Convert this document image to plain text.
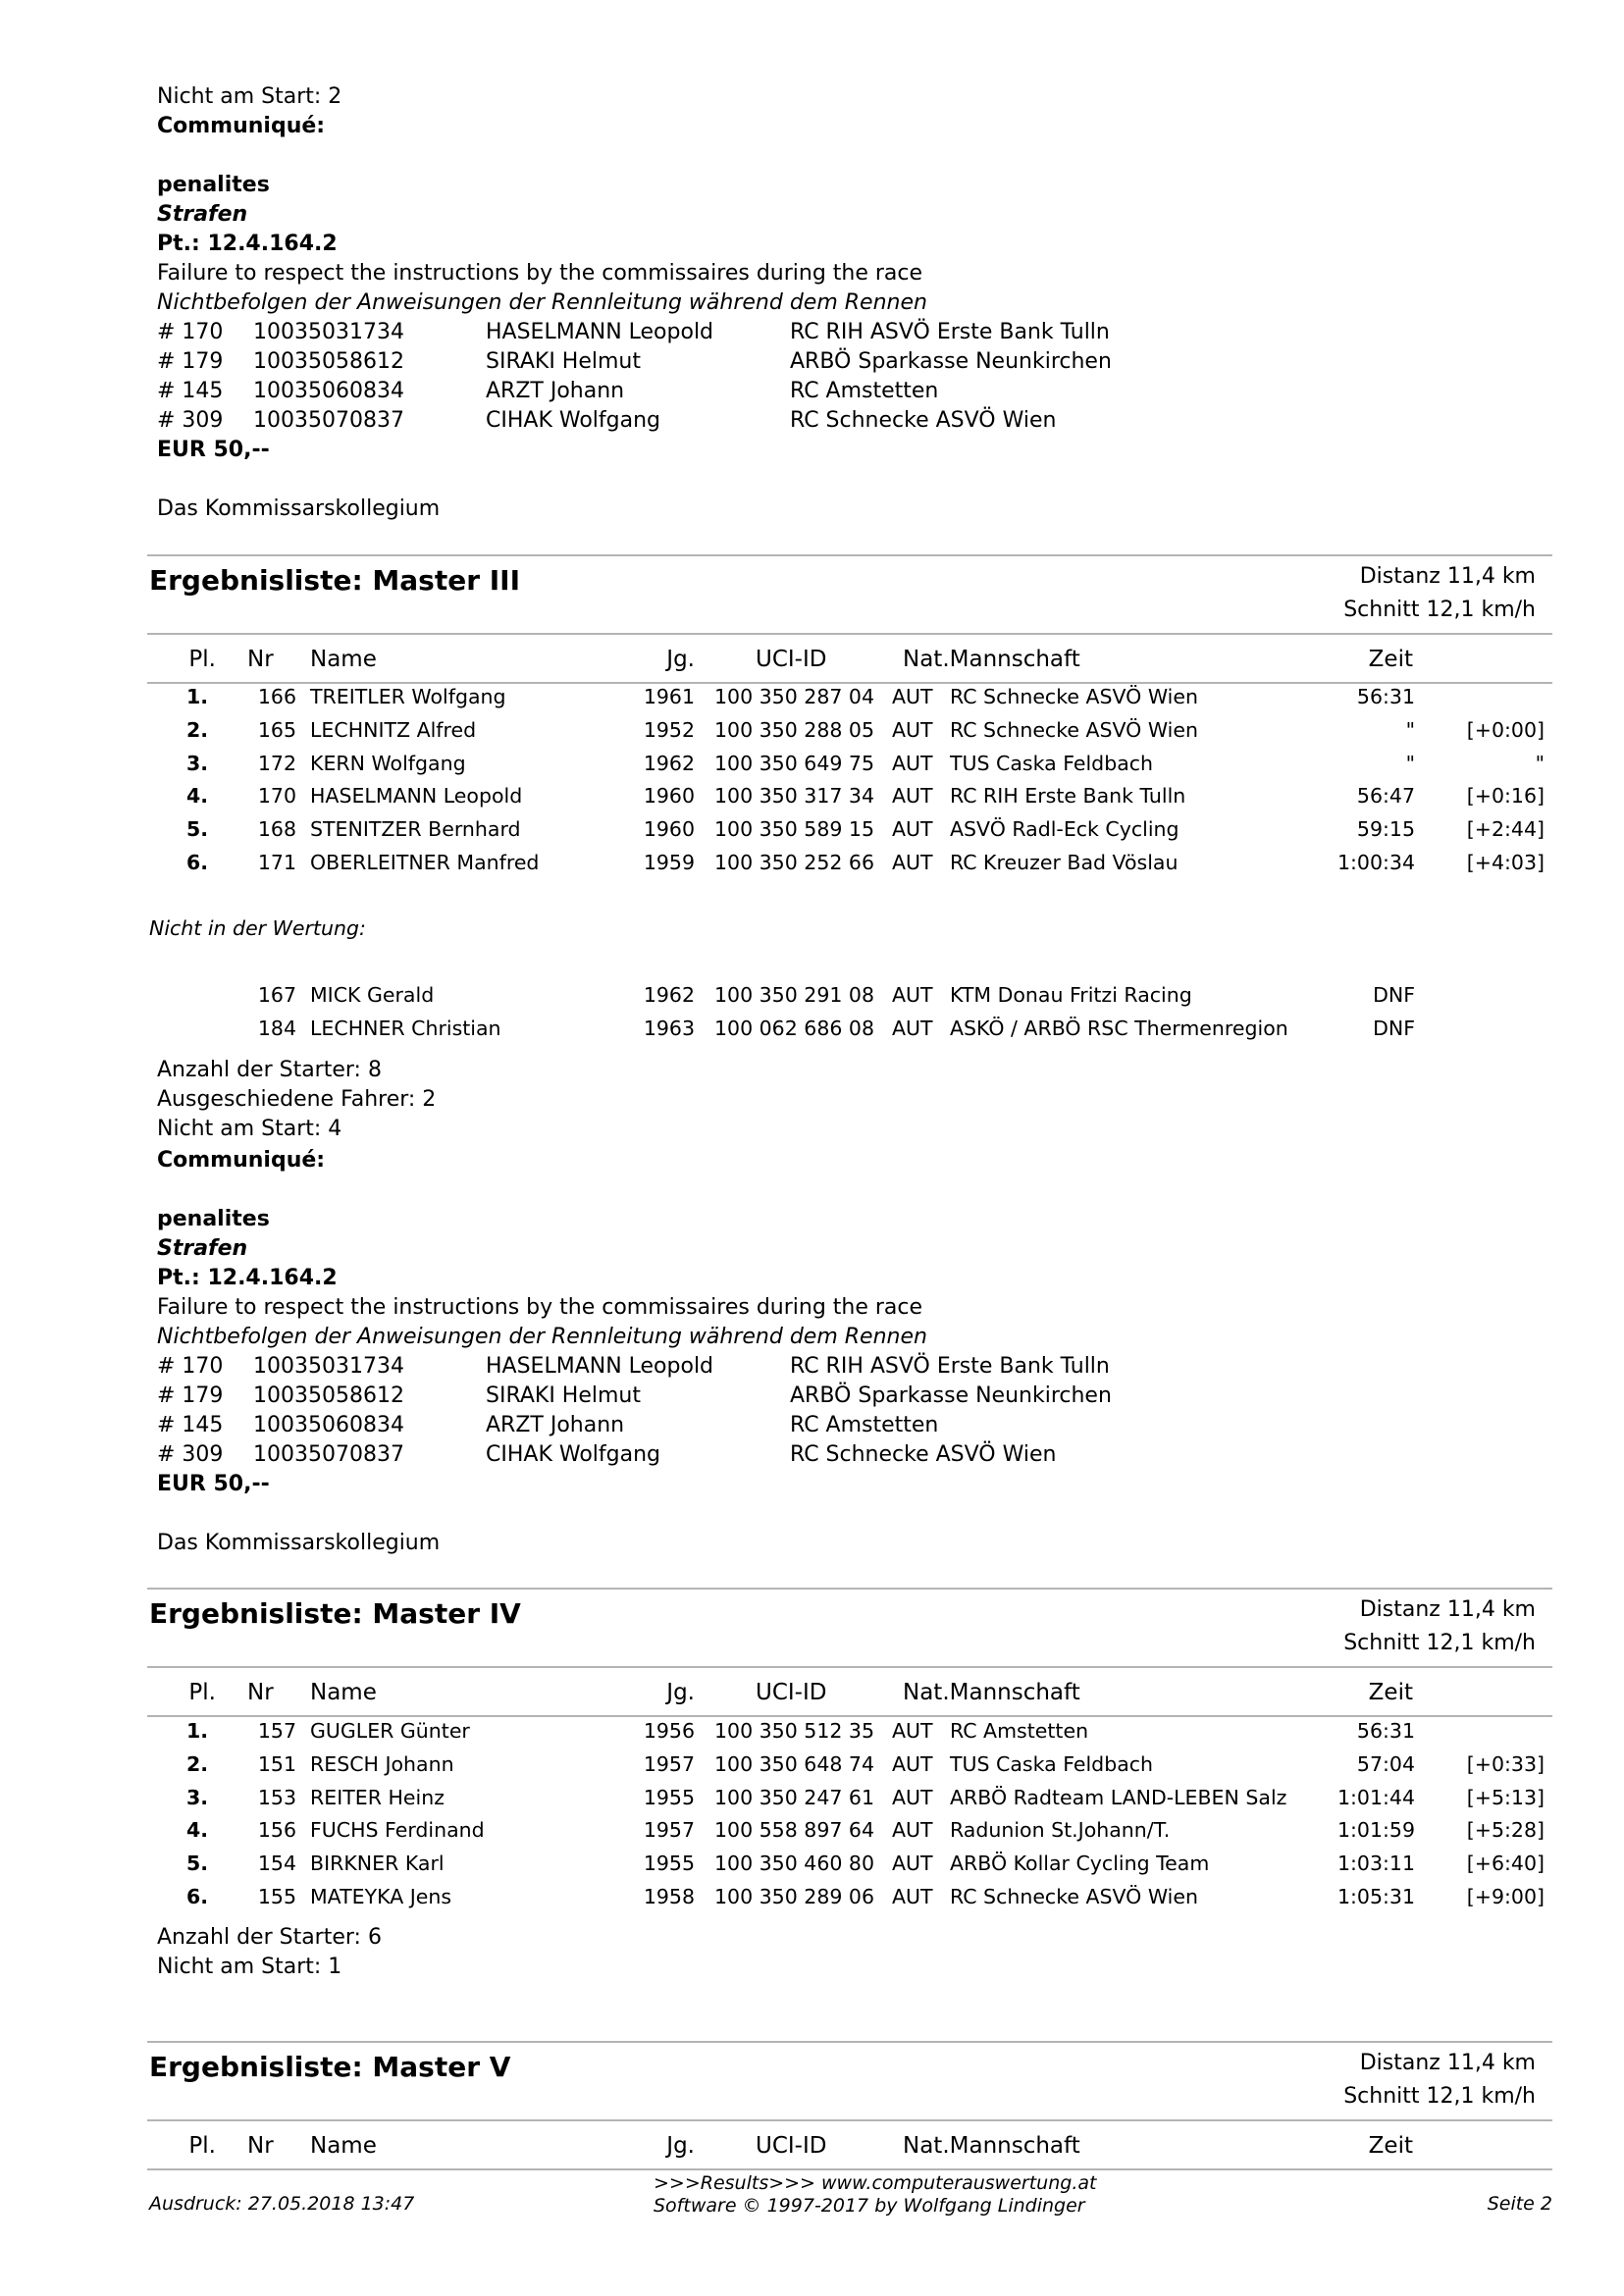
Nicht am Start: 2
Communiqué:
penalites
Strafen
Pt.: 12.4.164.2
Failure to respect the instructions by the commissaires during the race
Nichtbefolgen der Anweisungen der Rennleitung während dem Rennen
# 170 10035031734	HASELMANN Leopold	RC RIH ASVÖ Erste Bank Tulln
# 179 10035058612	SIRAKI Helmut	ARBÖ Sparkasse Neunkirchen
# 145 10035060834	ARZT Johann	RC Amstetten
# 309 10035070837	CIHAK Wolfgang	RC Schnecke ASVÖ Wien
EUR 50,--
Das Kommissarskollegium
Ergebnisliste: Master III	Distanz 11,4 km
Schnitt 12,1 km/h
Pl. Nr Name	Jg.	UCI-ID	Nat.Mannschaft	Zeit
1.	166 TREITLER Wolfgang	1961 100 350 287 04 AUT RC Schnecke ASVÖ Wien	56:31
2.	165 LECHNITZ Alfred	1952 100 350 288 05 AUT RC Schnecke ASVÖ Wien	"	[+0:00]
3.	172 KERN Wolfgang	1962 100 350 649 75 AUT TUS Caska Feldbach	"	"
4.	170 HASELMANN Leopold	1960 100 350 317 34 AUT RC RIH Erste Bank Tulln	56:47	[+0:16]
5.	168 STENITZER Bernhard	1960 100 350 589 15 AUT ASVÖ Radl-Eck Cycling	59:15	[+2:44]
6.	171 OBERLEITNER Manfred	1959 100 350 252 66 AUT RC Kreuzer Bad Vöslau	1:00:34	[+4:03]
Nicht in der Wertung:
167 MICK Gerald	1962 100 350 291 08 AUT KTM Donau Fritzi Racing	DNF
184 LECHNER Christian	1963 100 062 686 08 AUT ASKÖ / ARBÖ RSC Thermenregion	DNF
Anzahl der Starter: 8
Ausgeschiedene Fahrer: 2
Nicht am Start: 4
Communiqué:
penalites
Strafen
Pt.: 12.4.164.2
Failure to respect the instructions by the commissaires during the race
Nichtbefolgen der Anweisungen der Rennleitung während dem Rennen
# 170 10035031734	HASELMANN Leopold	RC RIH ASVÖ Erste Bank Tulln
# 179 10035058612	SIRAKI Helmut	ARBÖ Sparkasse Neunkirchen
# 145 10035060834	ARZT Johann	RC Amstetten
# 309 10035070837	CIHAK Wolfgang	RC Schnecke ASVÖ Wien
EUR 50,--
Das Kommissarskollegium
Ergebnisliste: Master IV	Distanz 11,4 km
Schnitt 12,1 km/h
Pl. Nr Name	Jg.	UCI-ID	Nat.Mannschaft	Zeit
1.	157 GUGLER Günter	1956 100 350 512 35 AUT RC Amstetten	56:31
2.	151 RESCH Johann	1957 100 350 648 74 AUT TUS Caska Feldbach	57:04	[+0:33]
3.	153 REITER Heinz	1955 100 350 247 61 AUT ARBÖ Radteam LAND-LEBEN Salz	1:01:44	[+5:13]
4.	156 FUCHS Ferdinand	1957 100 558 897 64 AUT Radunion St.Johann/T.	1:01:59	[+5:28]
5.	154 BIRKNER Karl	1955 100 350 460 80 AUT ARBÖ Kollar Cycling Team	1:03:11	[+6:40]
6.	155 MATEYKA Jens	1958 100 350 289 06 AUT RC Schnecke ASVÖ Wien	1:05:31	[+9:00]
Anzahl der Starter: 6
Nicht am Start: 1
Ergebnisliste: Master V	Distanz 11,4 km
Schnitt 12,1 km/h
Pl. Nr Name	Jg.	UCI-ID	Nat.Mannschaft	Zeit
Ausdruck: 27.05.2018 13:47
>>>Results>>> www.computerauswertung.at
Software © 1997-2017 by Wolfgang Lindinger	Seite 2
